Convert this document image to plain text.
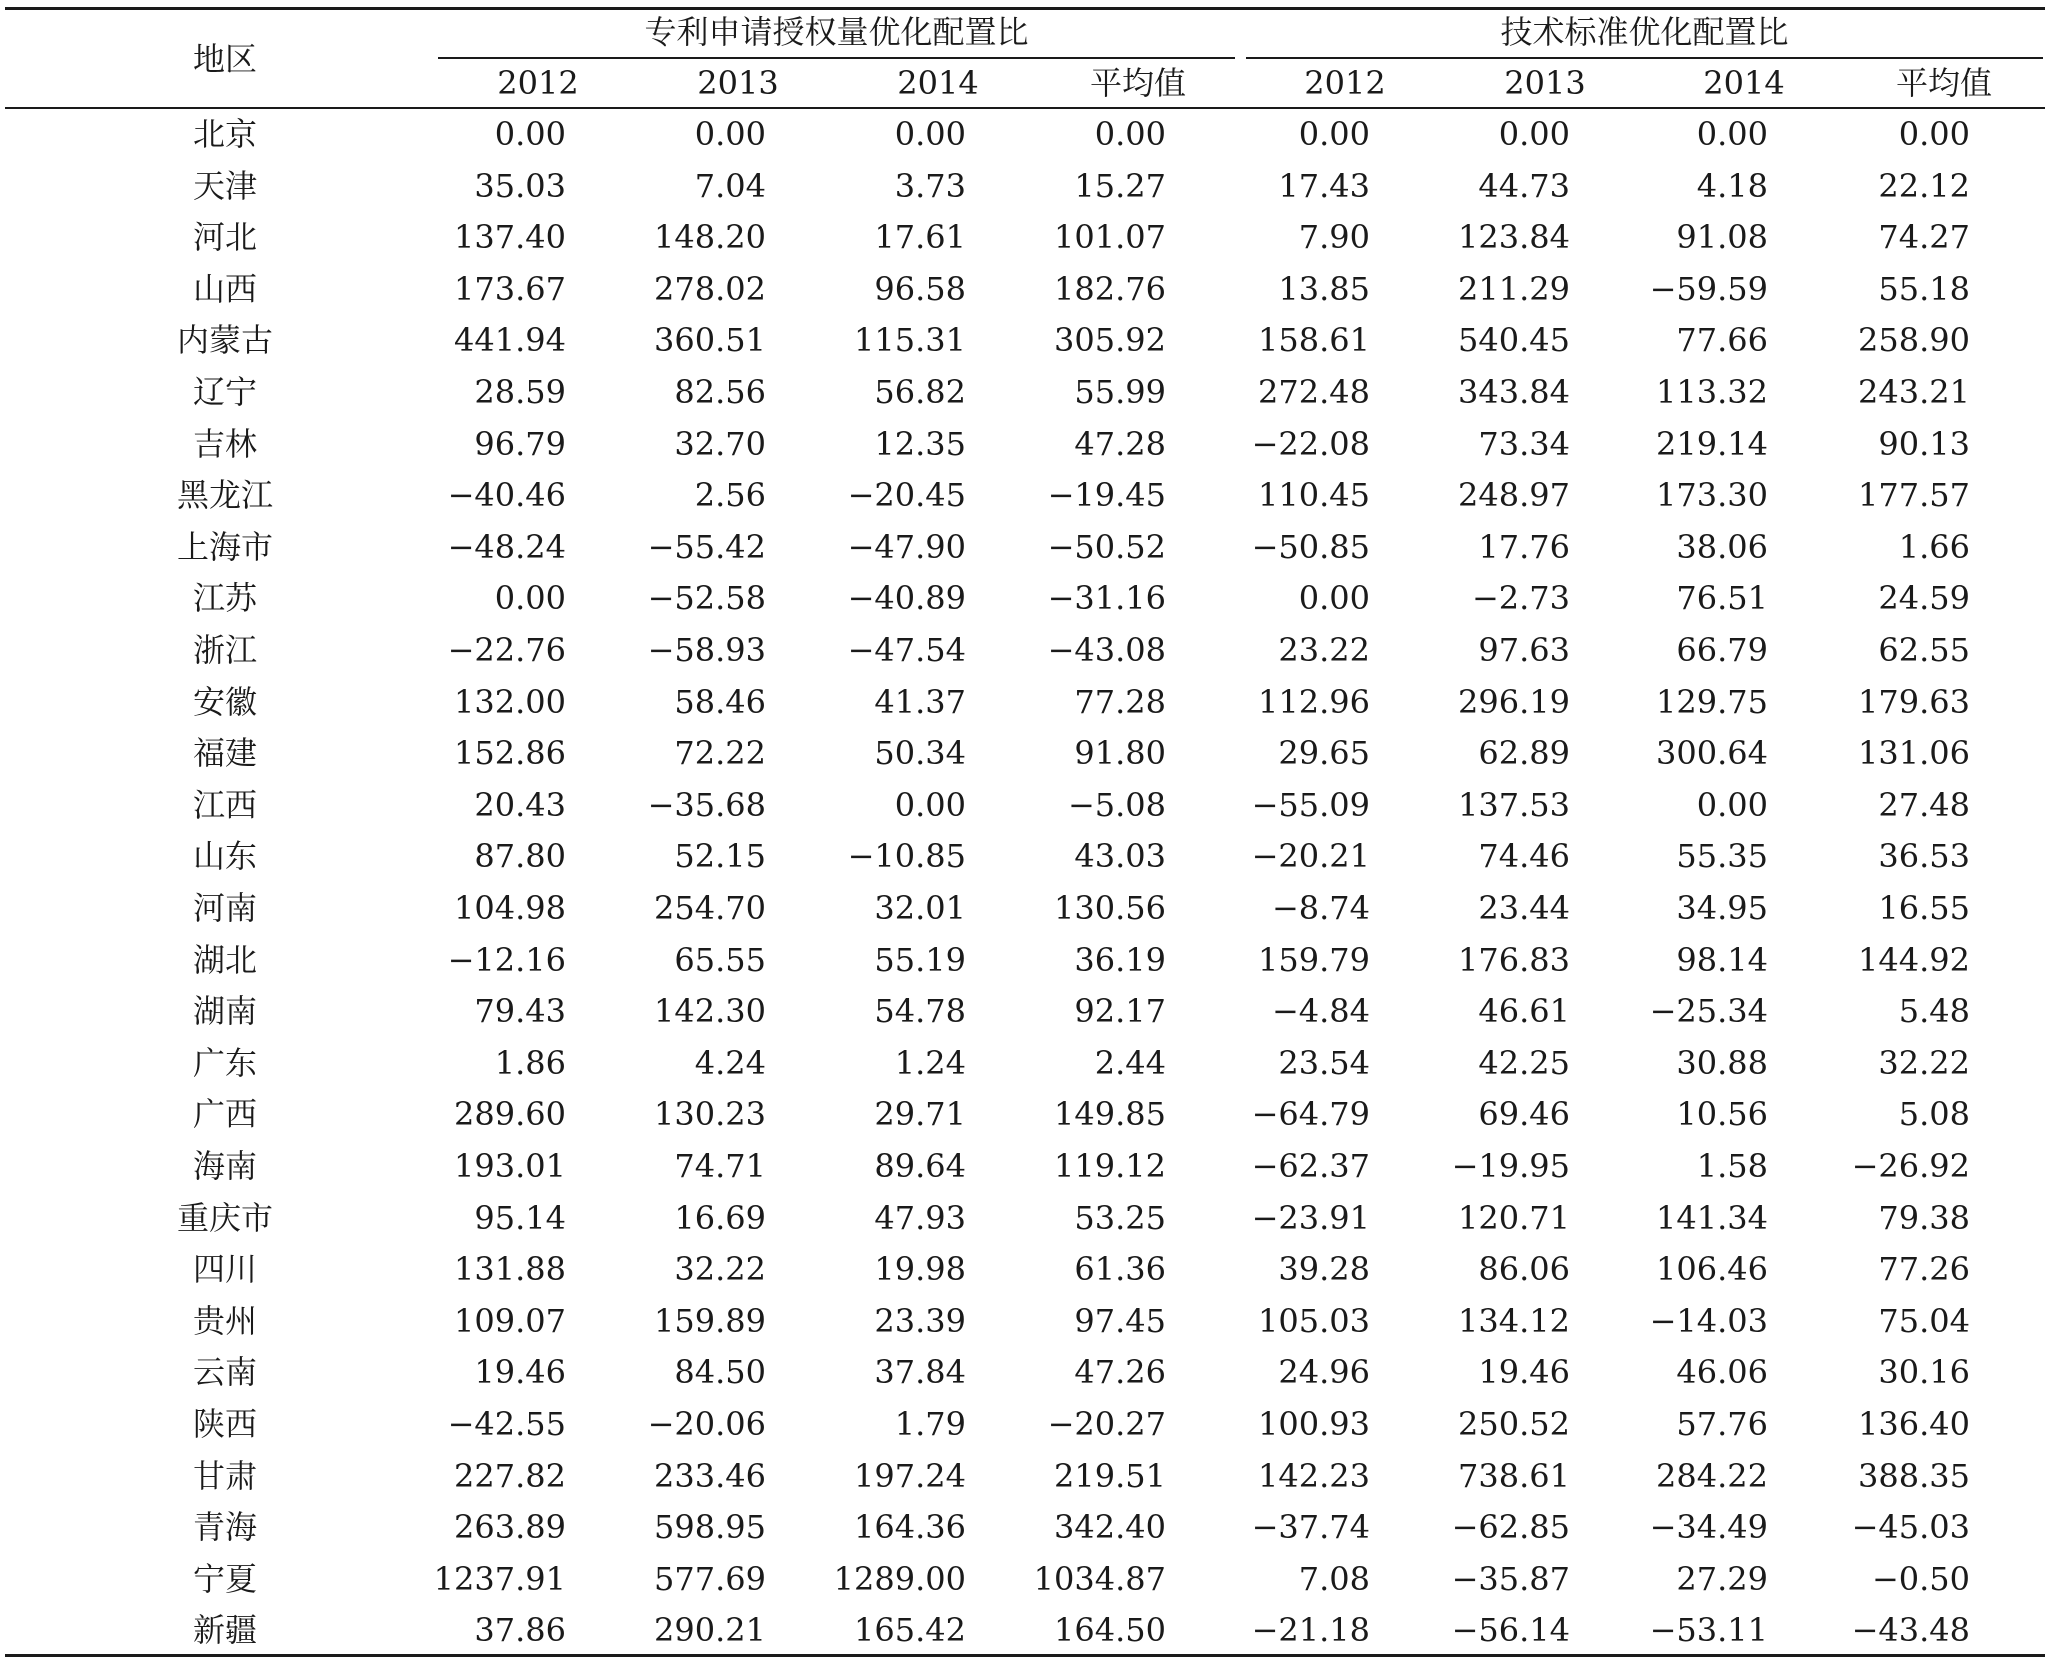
地区
专利申请授权量优化配置比	技术标准优化配置比
2012	2013	2014	平均值	2012	2013	2014	平均值
北京	0.00	0.00	0.00	0.00	0.00	0.00	0.00	0.00
天津	35.03	7.04	3.73	15.27	17.43	44.73	4.18	22.12
河北	137.40	148.20	17.61	101.07	7.90	123.84	91.08	74.27
山西	173.67	278.02	96.58	182.76	13.85	211.29	−59.59	55.18
内蒙古	441.94	360.51	115.31	305.92	158.61	540.45	77.66	258.90
辽宁	28.59	82.56	56.82	55.99	272.48	343.84	113.32	243.21
吉林	96.79	32.70	12.35	47.28	−22.08	73.34	219.14	90.13
黑龙江	−40.46	2.56	−20.45	−19.45	110.45	248.97	173.30	177.57
上海市	−48.24	−55.42	−47.90	−50.52	−50.85	17.76	38.06	1.66
江苏	0.00	−52.58	−40.89	−31.16	0.00	−2.73	76.51	24.59
浙江	−22.76	−58.93	−47.54	−43.08	23.22	97.63	66.79	62.55
安徽	132.00	58.46	41.37	77.28	112.96	296.19	129.75	179.63
福建	152.86	72.22	50.34	91.80	29.65	62.89	300.64	131.06
江西	20.43	−35.68	0.00	−5.08	−55.09	137.53	0.00	27.48
山东	87.80	52.15	−10.85	43.03	−20.21	74.46	55.35	36.53
河南	104.98	254.70	32.01	130.56	−8.74	23.44	34.95	16.55
湖北	−12.16	65.55	55.19	36.19	159.79	176.83	98.14	144.92
湖南	79.43	142.30	54.78	92.17	−4.84	46.61	−25.34	5.48
广东	1.86	4.24	1.24	2.44	23.54	42.25	30.88	32.22
广西	289.60	130.23	29.71	149.85	−64.79	69.46	10.56	5.08
海南	193.01	74.71	89.64	119.12	−62.37	−19.95	1.58	−26.92
重庆市	95.14	16.69	47.93	53.25	−23.91	120.71	141.34	79.38
四川	131.88	32.22	19.98	61.36	39.28	86.06	106.46	77.26
贵州	109.07	159.89	23.39	97.45	105.03	134.12	−14.03	75.04
云南	19.46	84.50	37.84	47.26	24.96	19.46	46.06	30.16
陕西	−42.55	−20.06	1.79	−20.27	100.93	250.52	57.76	136.40
甘肃	227.82	233.46	197.24	219.51	142.23	738.61	284.22	388.35
青海	263.89	598.95	164.36	342.40	−37.74	−62.85	−34.49	−45.03
宁夏	1237.91	577.69	1289.00	1034.87	7.08	−35.87	27.29	−0.50
新疆	37.86	290.21	165.42	164.50	−21.18	−56.14	−53.11	−43.48
